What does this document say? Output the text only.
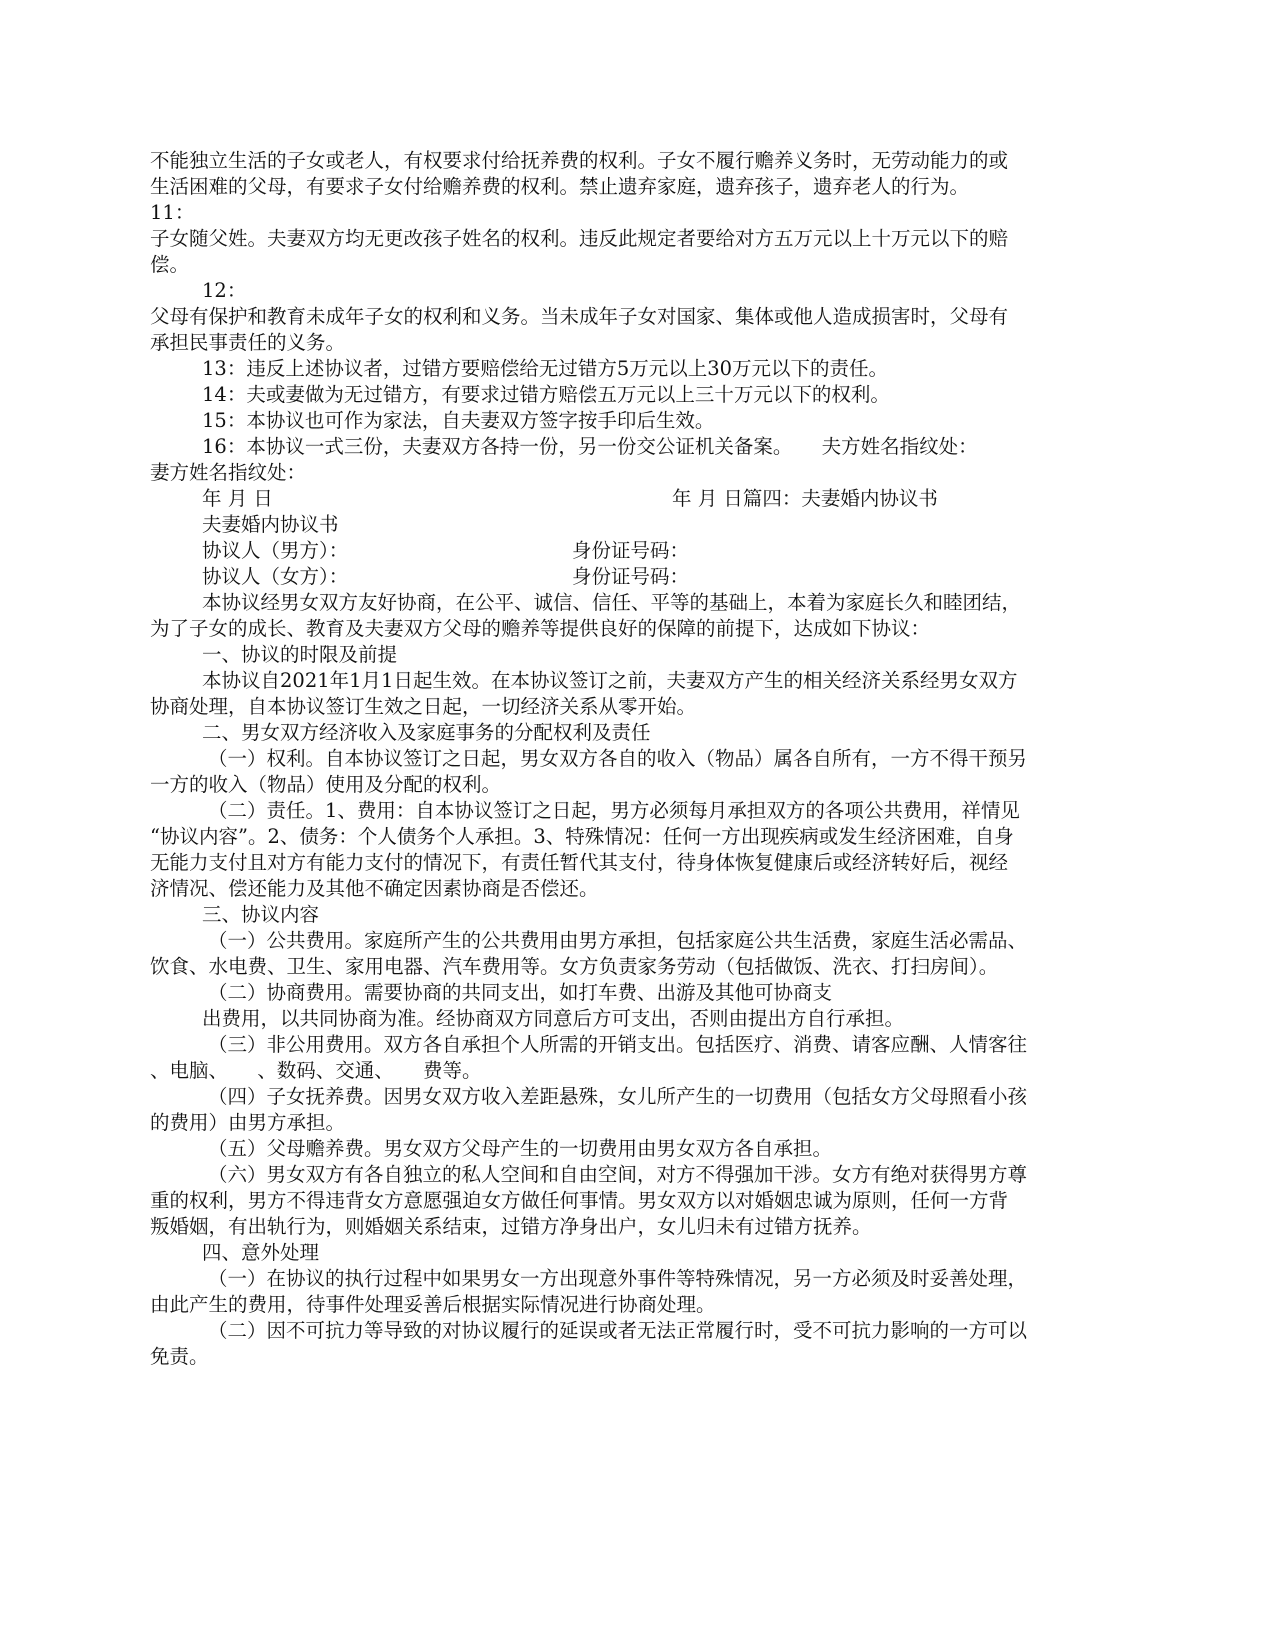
不能独立生活的子女或老人，有权要求付给抚养费的权利。子女不履行赡养义务时，无劳动能力的或
生活困难的父母，有要求子女付给赡养费的权利。禁止遗弃家庭，遗弃孩子，遗弃老人的行为。
11：
子女随父姓。夫妻双方均无更改孩子姓名的权利。违反此规定者要给对方五万元以上十万元以下的赔
偿。
12：
父母有保护和教育未成年子女的权利和义务。当未成年子女对国家、集体或他人造成损害时，父母有
承担民事责任的义务。
13：违反上述协议者，过错方要赔偿给无过错方5万元以上30万元以下的责任。
14：夫或妻做为无过错方，有要求过错方赔偿五万元以上三十万元以下的权利。
15：本协议也可作为家法，自夫妻双方签字按手印后生效。
16：本协议一式三份，夫妻双方各持一份，另一份交公证机关备案。　　夫方姓名指纹处：
妻方姓名指纹处：
年 月 日	年 月 日篇四：夫妻婚内协议书
夫妻婚内协议书
协议人（男方）：	身份证号码：
协议人（女方）：	身份证号码：
本协议经男女双方友好协商，在公平、诚信、信任、平等的基础上，本着为家庭长久和睦团结，
为了子女的成长、教育及夫妻双方父母的赡养等提供良好的保障的前提下，达成如下协议：
一、协议的时限及前提
本协议自2021年1月1日起生效。在本协议签订之前，夫妻双方产生的相关经济关系经男女双方
协商处理，自本协议签订生效之日起，一切经济关系从零开始。
二、男女双方经济收入及家庭事务的分配权利及责任
（一）权利。自本协议签订之日起，男女双方各自的收入（物品）属各自所有，一方不得干预另
一方的收入（物品）使用及分配的权利。
（二）责任。1、费用：自本协议签订之日起，男方必须每月承担双方的各项公共费用，祥情见
“协议内容”。2、债务：个人债务个人承担。3、特殊情况：任何一方出现疾病或发生经济困难，自身
无能力支付且对方有能力支付的情况下，有责任暂代其支付，待身体恢复健康后或经济转好后，视经
济情况、偿还能力及其他不确定因素协商是否偿还。
三、协议内容
（一）公共费用。家庭所产生的公共费用由男方承担，包括家庭公共生活费，家庭生活必需品、
饮食、水电费、卫生、家用电器、汽车费用等。女方负责家务劳动（包括做饭、洗衣、打扫房间）。
（二）协商费用。需要协商的共同支出，如打车费、出游及其他可协商支
出费用，以共同协商为准。经协商双方同意后方可支出，否则由提出方自行承担。
（三）非公用费用。双方各自承担个人所需的开销支出。包括医疗、消费、请客应酬、人情客往
、电脑、　　、数码、交通、　　费等。
（四）子女抚养费。因男女双方收入差距悬殊，女儿所产生的一切费用（包括女方父母照看小孩
的费用）由男方承担。
（五）父母赡养费。男女双方父母产生的一切费用由男女双方各自承担。
（六）男女双方有各自独立的私人空间和自由空间，对方不得强加干涉。女方有绝对获得男方尊
重的权利，男方不得违背女方意愿强迫女方做任何事情。男女双方以对婚姻忠诚为原则，任何一方背
叛婚姻，有出轨行为，则婚姻关系结束，过错方净身出户，女儿归未有过错方抚养。
四、意外处理
（一）在协议的执行过程中如果男女一方出现意外事件等特殊情况，另一方必须及时妥善处理，
由此产生的费用，待事件处理妥善后根据实际情况进行协商处理。
（二）因不可抗力等导致的对协议履行的延误或者无法正常履行时，受不可抗力影响的一方可以
免责。
